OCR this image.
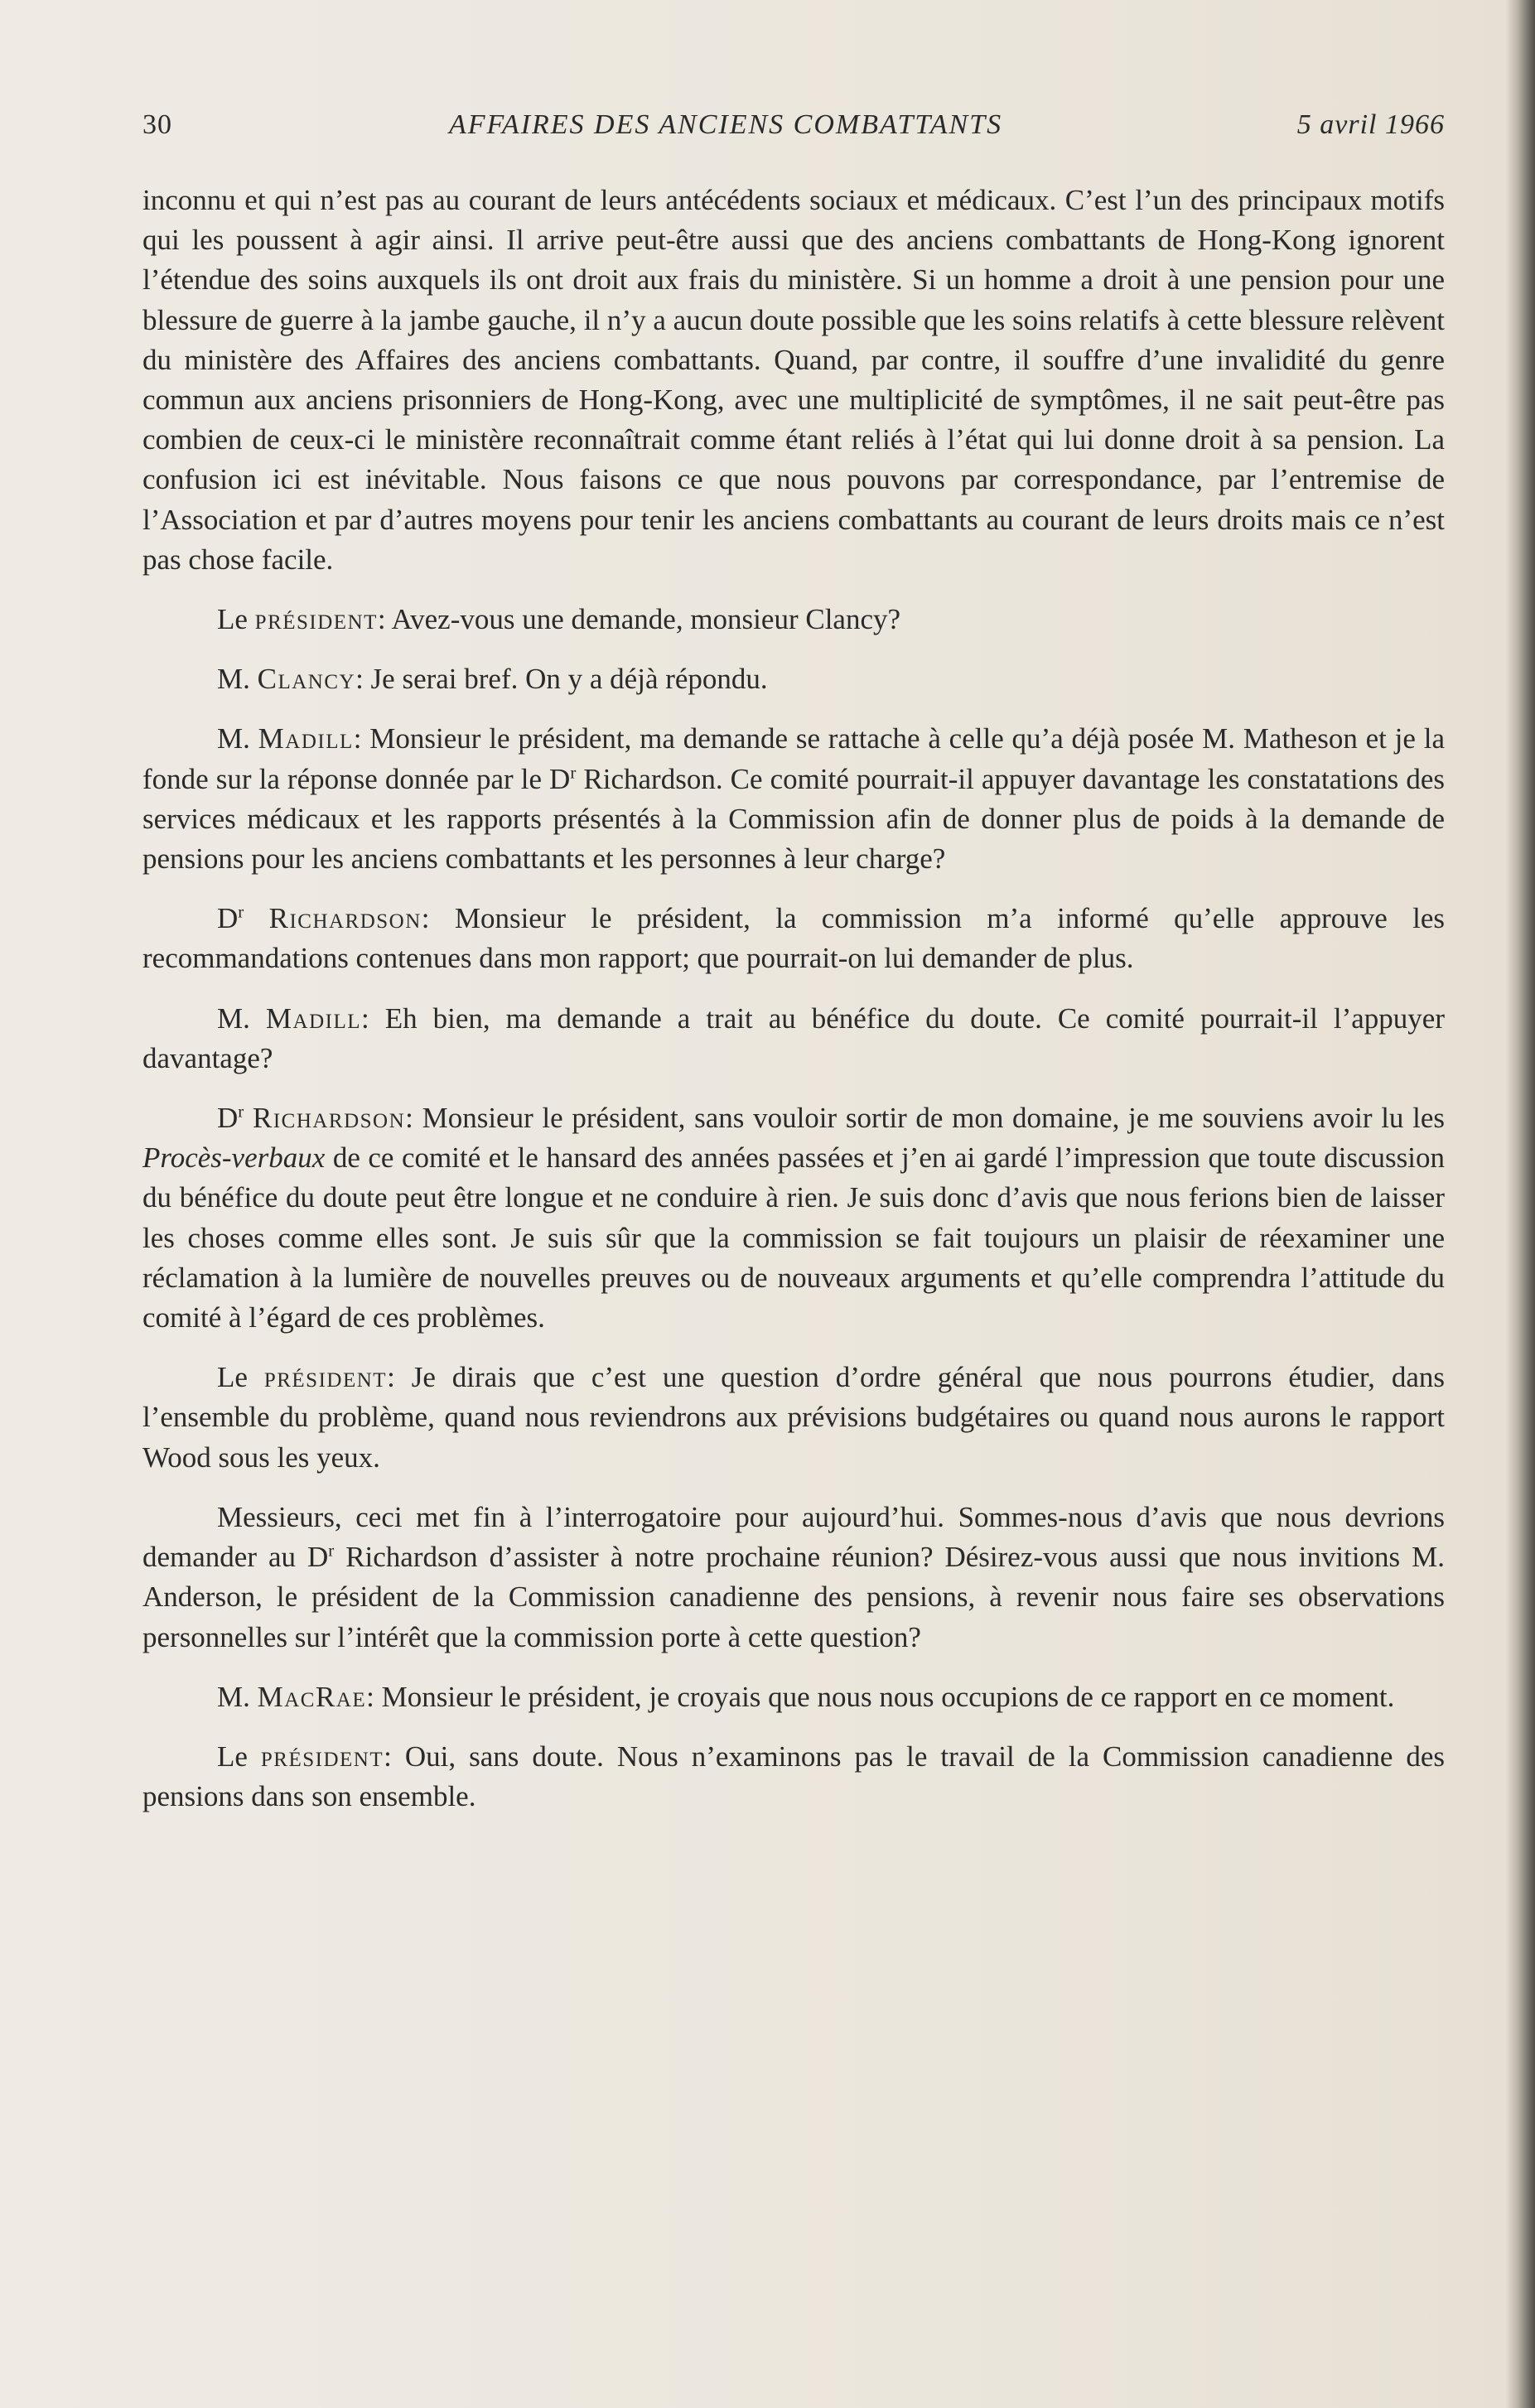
30	AFFAIRES DES ANCIENS COMBATTANTS	5 avril 1966

inconnu et qui n’est pas au courant de leurs antécédents sociaux et médicaux. C’est l’un des principaux motifs qui les poussent à agir ainsi. Il arrive peut-être aussi que des anciens combattants de Hong-Kong ignorent l’étendue des soins auxquels ils ont droit aux frais du ministère. Si un homme a droit à une pension pour une blessure de guerre à la jambe gauche, il n’y a aucun doute possible que les soins relatifs à cette blessure relèvent du ministère des Affaires des anciens combattants. Quand, par contre, il souffre d’une invalidité du genre commun aux anciens prisonniers de Hong-Kong, avec une multiplicité de symptômes, il ne sait peut-être pas combien de ceux-ci le ministère reconnaîtrait comme étant reliés à l’état qui lui donne droit à sa pension. La confusion ici est inévitable. Nous faisons ce que nous pouvons par correspondance, par l’entremise de l’Association et par d’autres moyens pour tenir les anciens combattants au courant de leurs droits mais ce n’est pas chose facile.

Le président: Avez-vous une demande, monsieur Clancy?

M. Clancy: Je serai bref. On y a déjà répondu.

M. Madill: Monsieur le président, ma demande se rattache à celle qu’a déjà posée M. Matheson et je la fonde sur la réponse donnée par le $D^r$ Richardson. Ce comité pourrait-il appuyer davantage les constatations des services médicaux et les rapports présentés à la Commission afin de donner plus de poids à la demande de pensions pour les anciens combattants et les personnes à leur charge?

$D^r$ Richardson: Monsieur le président, la commission m’a informé qu’elle approuve les recommandations contenues dans mon rapport; que pourrait-on lui demander de plus.

M. Madill: Eh bien, ma demande a trait au bénéfice du doute. Ce comité pourrait-il l’appuyer davantage?

$D^r$ Richardson: Monsieur le président, sans vouloir sortir de mon domaine, je me souviens avoir lu les Procès-verbaux de ce comité et le hansard des années passées et j’en ai gardé l’impression que toute discussion du bénéfice du doute peut être longue et ne conduire à rien. Je suis donc d’avis que nous ferions bien de laisser les choses comme elles sont. Je suis sûr que la commission se fait toujours un plaisir de réexaminer une réclamation à la lumière de nouvelles preuves ou de nouveaux arguments et qu’elle comprendra l’attitude du comité à l’égard de ces problèmes.

Le président: Je dirais que c’est une question d’ordre général que nous pourrons étudier, dans l’ensemble du problème, quand nous reviendrons aux prévisions budgétaires ou quand nous aurons le rapport Wood sous les yeux.

Messieurs, ceci met fin à l’interrogatoire pour aujourd’hui. Sommes-nous d’avis que nous devrions demander au $D^r$ Richardson d’assister à notre prochaine réunion? Désirez-vous aussi que nous invitions M. Anderson, le président de la Commission canadienne des pensions, à revenir nous faire ses observations personnelles sur l’intérêt que la commission porte à cette question?

M. MacRae: Monsieur le président, je croyais que nous nous occupions de ce rapport en ce moment.

Le président: Oui, sans doute. Nous n’examinons pas le travail de la Commission canadienne des pensions dans son ensemble.
